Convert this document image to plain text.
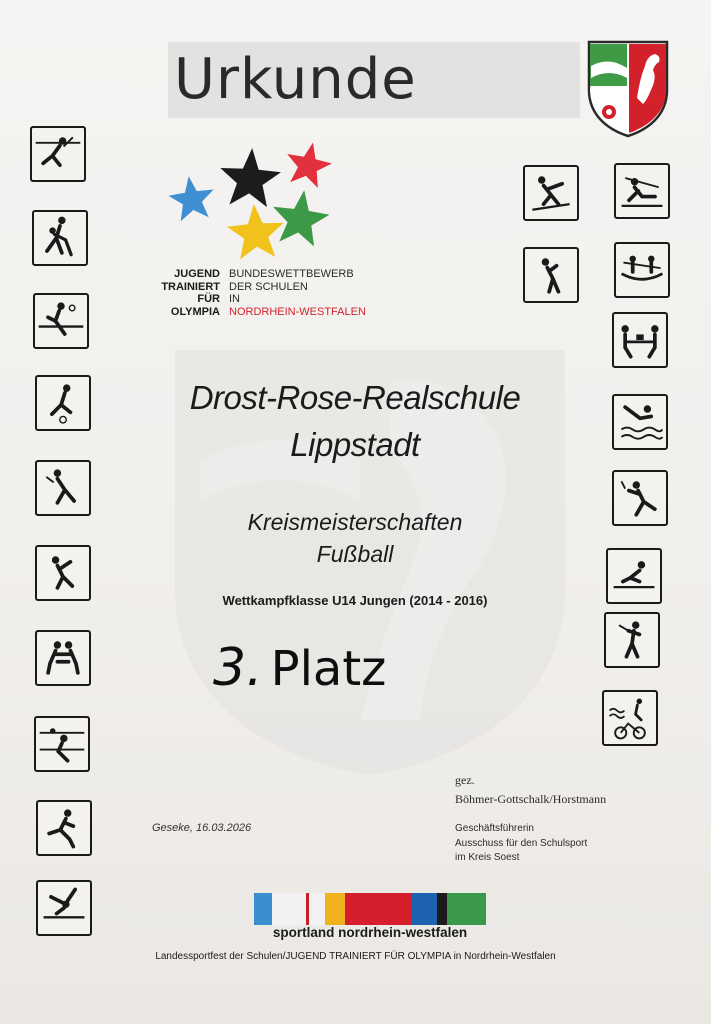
Urkunde
JUGEND
TRAINIERT
FÜR
OLYMPIA
BUNDESWETTBEWERB
DER SCHULEN
IN
NORDRHEIN-WESTFALEN
Drost-Rose-Realschule
Lippstadt
Kreismeisterschaften
Fußball
Wettkampfklasse U14 Jungen (2014 - 2016)
3. Platz
gez.
Böhmer-Gottschalk/Horstmann
Geschäftsführerin
Ausschuss für den Schulsport
im Kreis Soest
Geseke, 16.03.2026
sportland nordrhein-westfalen
Landessportfest der Schulen/JUGEND TRAINIERT FÜR OLYMPIA in Nordrhein-Westfalen
